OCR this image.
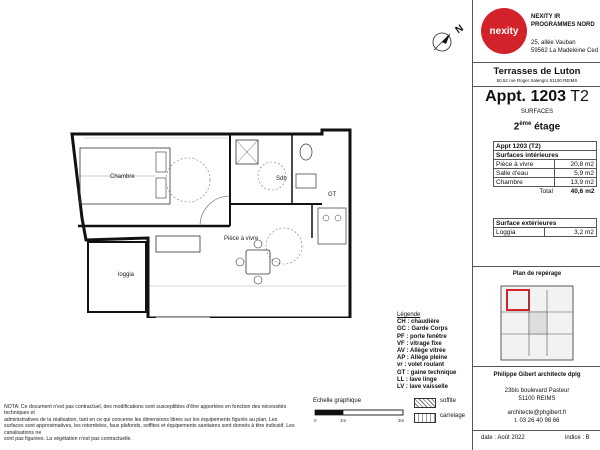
N
Chambre
Pièce à vivre
loggia
Sdb
GT
Légende
CH : chaudière
GC : Garde Corps
PF : porte fenêtre
VF : vitrage fixe
AV : Allège vitrée
AP : Allège pleine
vr : volet roulant
GT : gaine technique
LL : lave linge
LV : lave vaisselle
Echelle graphique
0	1m	3m
soffite
carrelage
NOTA: Ce document n'est pas contractuel, des modifications sont susceptibles d'être apportées en fonction des nécessités techniques et
administratives de la réalisation, tant en ce qui concerne les dimensions libres sur les équipements figurés au plan. Les
surfaces sont approximatives, les retombées, faux plafonds, soffites et équipements sanitaires sont donnés à titre indicatif. Les canalisations ne
sont pas figurées. La végétation n'est pas contractuelle.
nexity
NEXITY IR
PROGRAMMES NORD
25, allée Vauban
59562 La Madeleine Ced
Terrasses de Luton
50,52 rue Roger Salengro 51100 REIMS
Appt. 1203 T2
SURFACES
2ème étage
Appt 1203 (T2)	
Surfaces intérieures	
Pièce à vivre	20,8 m2
Salle d'eau	5,9 m2
Chambre	13,9 m2
Total	40,6 m2
Surface extérieures
Loggia	3,2 m2
Plan de repérage
Philippe Gibert architecte dplg
23bis boulevard Pasteur
51100 REIMS
architecte@phgibert.fr
t. 03 26 40 98 66
date : Août 2022	indice : B
